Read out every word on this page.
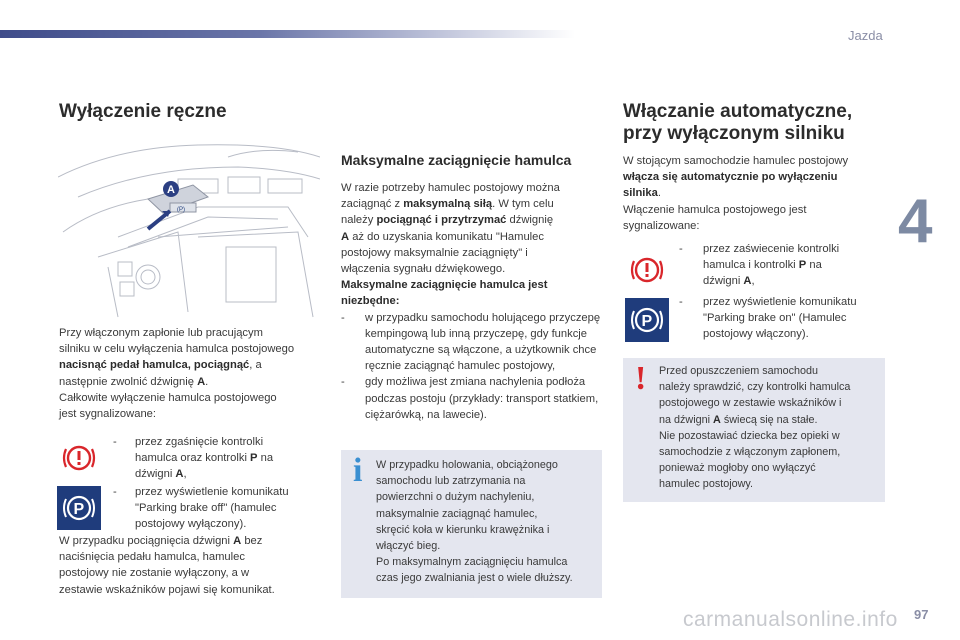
Jazda
4
Wyłączenie ręczne
(P)
A
Przy włączonym zapłonie lub pracującym
silniku w celu wyłączenia hamulca postojowego
nacisnąć pedał hamulca, pociągnąć, a
następnie zwolnić dźwignię A.
Całkowite wyłączenie hamulca postojowego
jest sygnalizowane:
- przez zgaśnięcie kontrolki
hamulca oraz kontrolki P na
dźwigni A,
P
- przez wyświetlenie komunikatu
"Parking brake off" (hamulec
postojowy wyłączony).
W przypadku pociągnięcia dźwigni A bez
naciśnięcia pedału hamulca, hamulec
postojowy nie zostanie wyłączony, a w
zestawie wskaźników pojawi się komunikat.
Maksymalne zaciągnięcie hamulca
W razie potrzeby hamulec postojowy można
zaciągnąć z maksymalną siłą. W tym celu
należy pociągnąć i przytrzymać dźwignię
A aż do uzyskania komunikatu "Hamulec
postojowy maksymalnie zaciągnięty" i
włączenia sygnału dźwiękowego.
Maksymalne zaciągnięcie hamulca jest niezbędne:
- w przypadku samochodu holującego przyczepę kempingową lub inną przyczepę, gdy funkcje automatyczne są włączone, a użytkownik chce ręcznie zaciągnąć hamulec postojowy,
- gdy możliwa jest zmiana nachylenia podłoża podczas postoju (przykłady: transport statkiem, ciężarówką, na lawecie).
i W przypadku holowania, obciążonego
samochodu lub zatrzymania na
powierzchni o dużym nachyleniu,
maksymalnie zaciągnąć hamulec,
skręcić koła w kierunku krawężnika i
włączyć bieg.
Po maksymalnym zaciągnięciu hamulca
czas jego zwalniania jest o wiele dłuższy.
Włączanie automatyczne,
przy wyłączonym silniku
W stojącym samochodzie hamulec postojowy
włącza się automatycznie po wyłączeniu
silnika.
Włączenie hamulca postojowego jest
sygnalizowane:
- przez zaświecenie kontrolki
hamulca i kontrolki P na
dźwigni A,
P
- przez wyświetlenie komunikatu
"Parking brake on" (Hamulec
postojowy włączony).
! Przed opuszczeniem samochodu
należy sprawdzić, czy kontrolki hamulca
postojowego w zestawie wskaźników i
na dźwigni A świecą się na stałe.
Nie pozostawiać dziecka bez opieki w
samochodzie z włączonym zapłonem,
ponieważ mogłoby ono wyłączyć
hamulec postojowy.
carmanualsonline.info 97
